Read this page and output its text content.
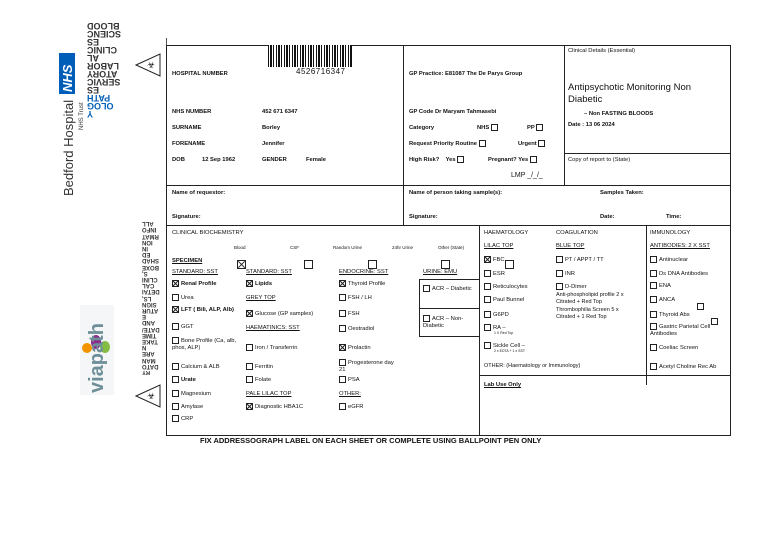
NHS
Bedford Hospital NHS Trust Y
OLOG
PATH
ES
SERVIC
ATORY
LABOR
AL
CLINIC
ES
SCIENC
BLOOD
RY
DATO
MAN
ARE
N
TAKE
TIME
DATE/
AND
E
ATUR
SIGN
LS,
DETAI
CAL
CLINI
S,
BOXE
SHAD
ED
IN
ION
RMAT
INFO
ALL
viapath
☣
☣
HOSPITAL NUMBER	4526716347
NHS NUMBER	452 671 6347
SURNAME	Borley
FORENAME	Jennifer
DOB	12 Sep 1962	GENDER	Female
GP Practice: E81087 The De Parys Group
GP Code Dr Maryam Tahmasebi
Category	NHS	PP
Request Priority Routine	Urgent
High Risk? Yes	Pregnant? Yes
LMP _/_/_
Clinical Details (Essential)
Antipsychotic Monitoring Non Diabetic
– Non FASTING BLOODS
Date : 13 06 2024
Copy of report to (State)
Name of requestor:	Name of person taking sample(s):	Samples Taken:
Signature:	Signature:	Date:	Time:
CLINICAL BIOCHEMISTRY
SPECIMEN
Blood	CSF	Random Urine	24hr Urine	Other (State)

STANDARD: SST	STANDARD: SST	ENDOCRINE: SST	URINE: EMU
Renal Profile
Urea
LFT ( Bili, ALP, Alb)
GGT
Bone Profile (Ca, alb, phos, ALP)
Calcium & ALB
Urate
Magnesium
Amylase
CRP
Lipids
GREY TOP
Glucose (GP samples)
HAEMATINICS: SST
Iron / Transferrin
Ferritin
Folate
PALE LILAC TOP
Diagnostic HBA1C
Thyroid Profile
FSH / LH
FSH
Oestradiol
Prolactin
Progesterone day 21
PSA
OTHER:
eGFR
ACR – Diabetic
ACR – Non-Diabetic
HAEMATOLOGY
LILAC TOP
FBC
ESR
Reticulocytes
Paul Bunnel
G6PD
RA –
1 X Red Top
Sickle Cell –
2 x EDTA + 1 x SST
OTHER: (Haematology or Immunology)
Lab Use Only
COAGULATION
BLUE TOP
PT / APPT / TT
INR
D-Dimer
Anti-phospholipid profile 2 x Citrated + Red Top

Thrombophilia Screen 5 x Citrated + 1 Red Top
IMMUNOLOGY
ANTIBODIES: 2 X SST
Antinuclear
Ds DNA Antibodies
ENA
ANCA
Thyroid Abs
Gastric Parietal Cell Antibodies
Coeliac Screen
Acetyl Choline Rec Ab
FIX ADDRESSOGRAPH LABEL ON EACH SHEET OR COMPLETE USING BALLPOINT PEN ONLY
